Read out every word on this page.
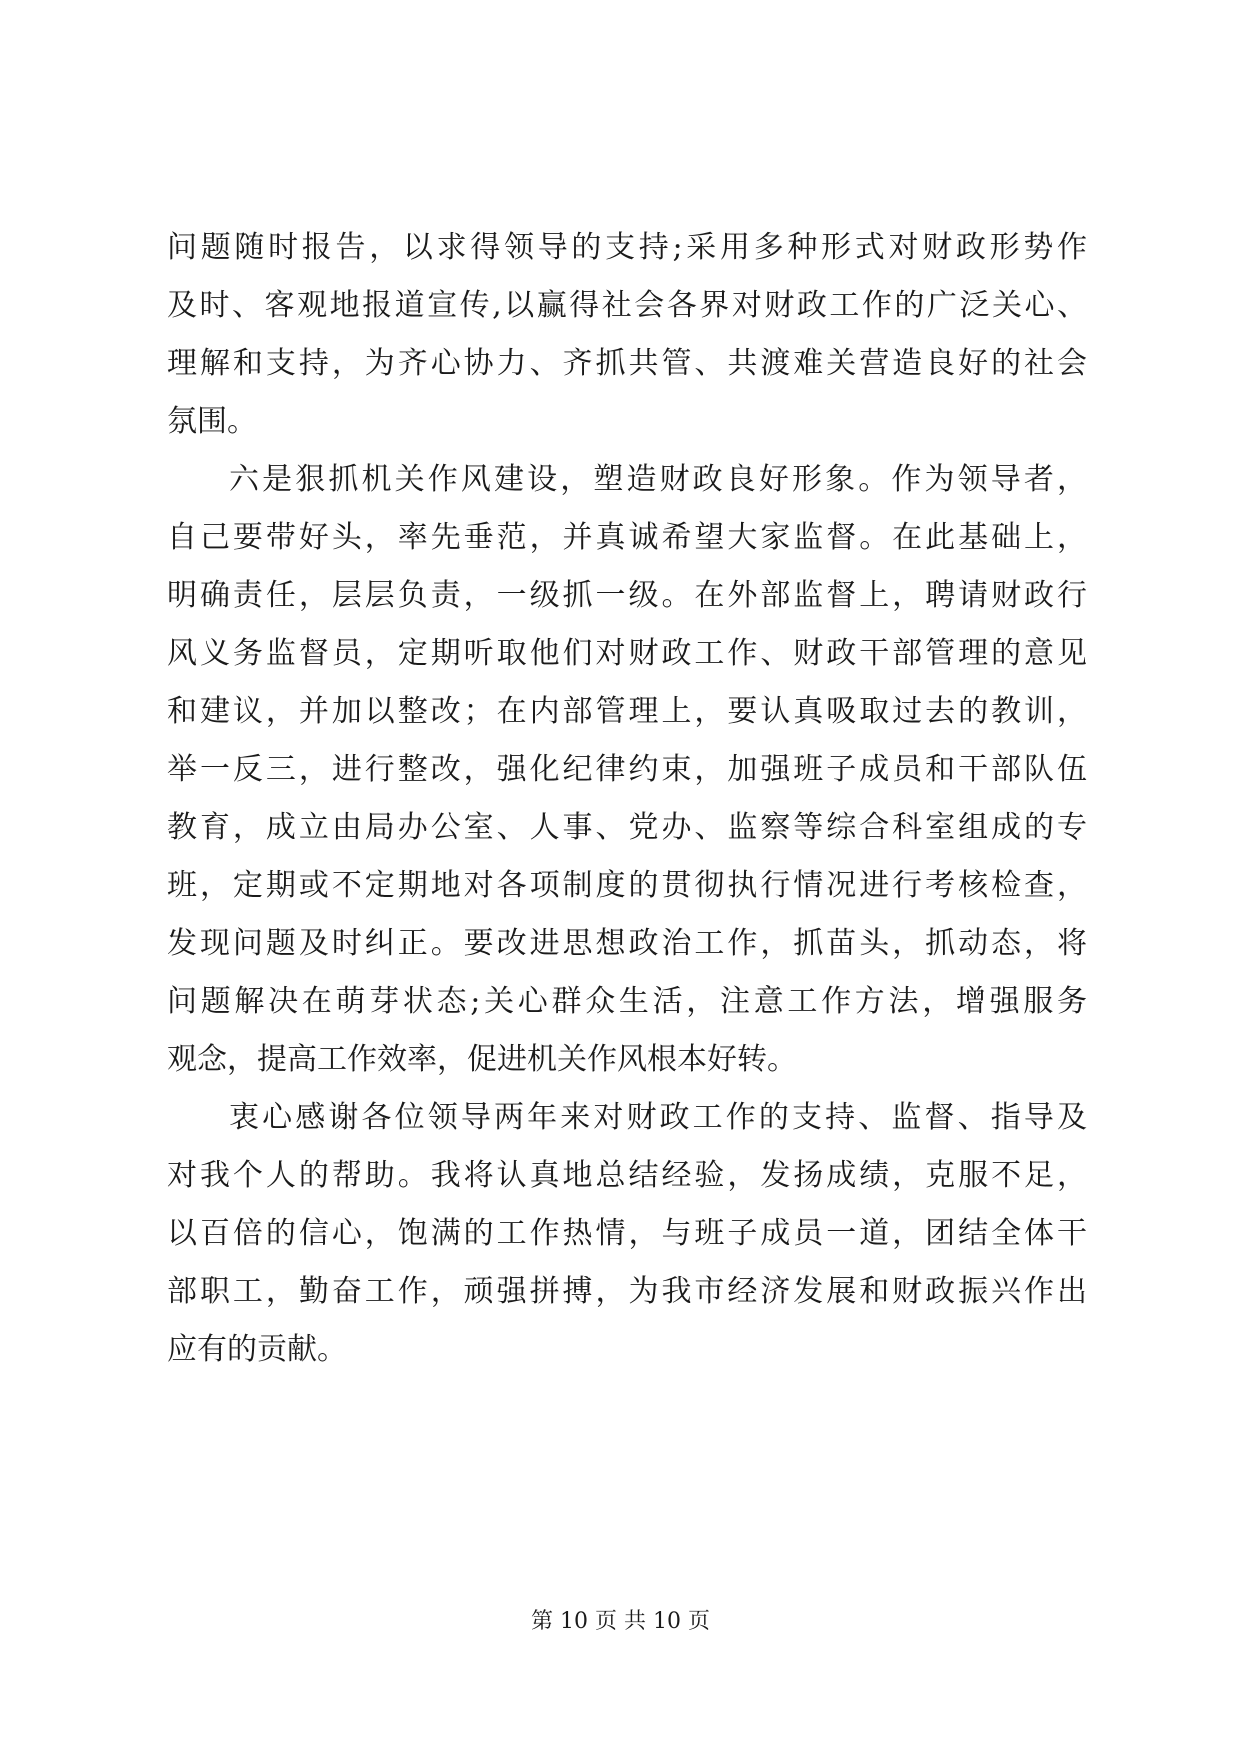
问题随时报告，以求得领导的支持;采用多种形式对财政形势作
及时、客观地报道宣传,以赢得社会各界对财政工作的广泛关心、
理解和支持，为齐心协力、齐抓共管、共渡难关营造良好的社会
氛围。
六是狠抓机关作风建设，塑造财政良好形象。作为领导者，
自己要带好头，率先垂范，并真诚希望大家监督。在此基础上，
明确责任，层层负责，一级抓一级。在外部监督上，聘请财政行
风义务监督员，定期听取他们对财政工作、财政干部管理的意见
和建议，并加以整改；在内部管理上，要认真吸取过去的教训，
举一反三，进行整改，强化纪律约束，加强班子成员和干部队伍
教育，成立由局办公室、人事、党办、监察等综合科室组成的专
班，定期或不定期地对各项制度的贯彻执行情况进行考核检查，
发现问题及时纠正。要改进思想政治工作，抓苗头，抓动态，将
问题解决在萌芽状态;关心群众生活，注意工作方法，增强服务
观念，提高工作效率，促进机关作风根本好转。
衷心感谢各位领导两年来对财政工作的支持、监督、指导及
对我个人的帮助。我将认真地总结经验，发扬成绩，克服不足，
以百倍的信心，饱满的工作热情，与班子成员一道，团结全体干
部职工，勤奋工作，顽强拼搏，为我市经济发展和财政振兴作出
应有的贡献。
第 10 页 共 10 页
